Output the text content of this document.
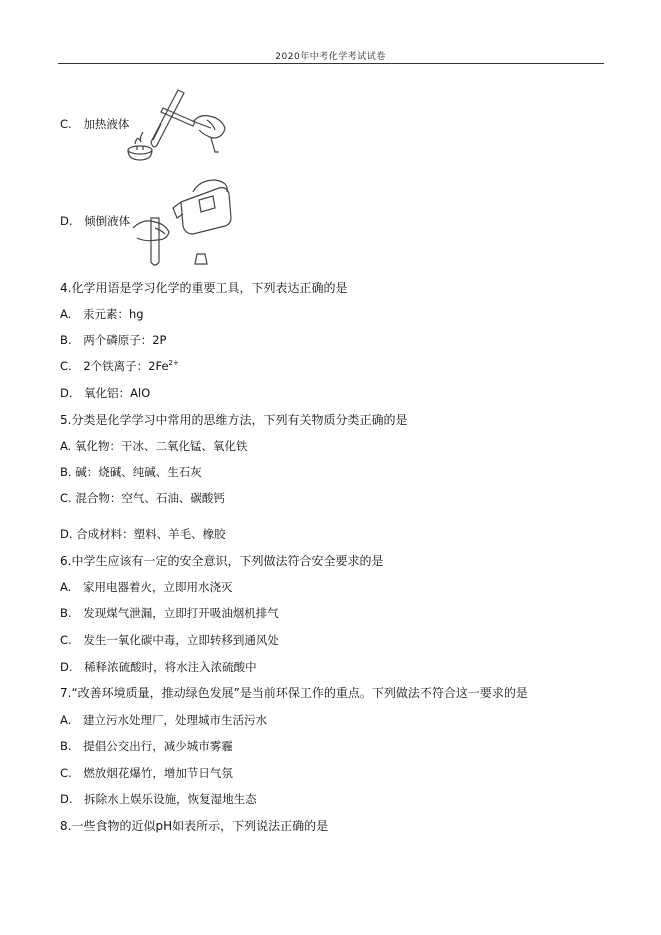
2020年中考化学考试试卷
C. 加热液体
D. 倾倒液体
4.化学用语是学习化学的重要工具，下列表达正确的是
A. 汞元素：hg
B. 两个磷原子：2P
C. 2个铁离子：$2Fe^{2+}$
D. 氧化铝：AlO
5.分类是化学学习中常用的思维方法，下列有关物质分类正确的是
A. 氧化物：干冰、二氧化锰、氧化铁
B. 碱：烧碱、纯碱、生石灰
C. 混合物：空气、石油、碳酸钙
D. 合成材料：塑料、羊毛、橡胶
6.中学生应该有一定的安全意识，下列做法符合安全要求的是
A. 家用电器着火，立即用水浇灭
B. 发现煤气泄漏，立即打开吸油烟机排气
C. 发生一氧化碳中毒，立即转移到通风处
D. 稀释浓硫酸时，将水注入浓硫酸中
7.“改善环境质量，推动绿色发展”是当前环保工作的重点。下列做法不符合这一要求的是
A. 建立污水处理厂，处理城市生活污水
B. 提倡公交出行，减少城市雾霾
C. 燃放烟花爆竹，增加节日气氛
D. 拆除水上娱乐设施，恢复湿地生态
8.一些食物的近似pH如表所示，下列说法正确的是
